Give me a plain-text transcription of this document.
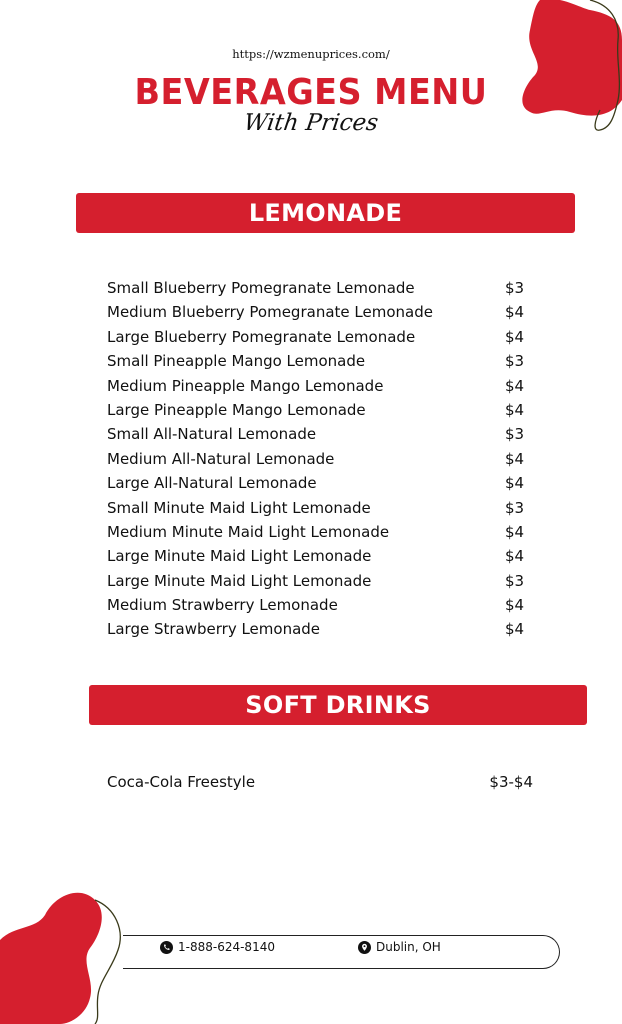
https://wzmenuprices.com/
BEVERAGES MENU
With Prices
LEMONADE
Small Blueberry Pomegranate Lemonade	$3
Medium Blueberry Pomegranate Lemonade	$4
Large Blueberry Pomegranate Lemonade	$4
Small Pineapple Mango Lemonade	$3
Medium Pineapple Mango Lemonade	$4
Large Pineapple Mango Lemonade	$4
Small All-Natural Lemonade	$3
Medium All-Natural Lemonade	$4
Large All-Natural Lemonade	$4
Small Minute Maid Light Lemonade	$3
Medium Minute Maid Light Lemonade	$4
Large Minute Maid Light Lemonade	$4
Large Minute Maid Light Lemonade	$3
Medium Strawberry Lemonade	$4
Large Strawberry Lemonade	$4
SOFT DRINKS
Coca-Cola Freestyle	$3-$4
1-888-624-8140	Dublin, OH
